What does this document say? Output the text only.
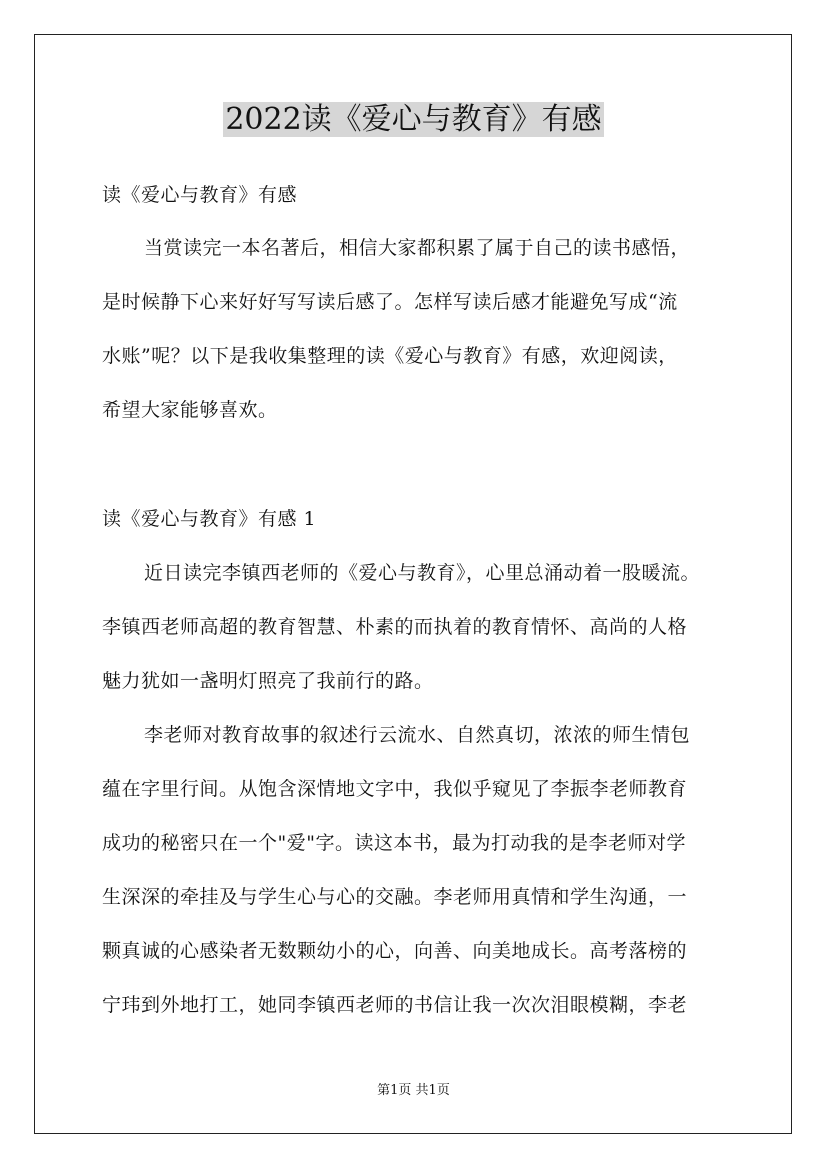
2022读《爱心与教育》有感

读《爱心与教育》有感

当赏读完一本名著后，相信大家都积累了属于自己的读书感悟，

是时候静下心来好好写写读后感了。怎样写读后感才能避免写成“流

水账”呢？以下是我收集整理的读《爱心与教育》有感，欢迎阅读，

希望大家能够喜欢。

读《爱心与教育》有感 1

近日读完李镇西老师的《爱心与教育》，心里总涌动着一股暖流。

李镇西老师高超的教育智慧、朴素的而执着的教育情怀、高尚的人格

魅力犹如一盏明灯照亮了我前行的路。

李老师对教育故事的叙述行云流水、自然真切，浓浓的师生情包

蕴在字里行间。从饱含深情地文字中，我似乎窥见了李振李老师教育

成功的秘密只在一个"爱"字。读这本书，最为打动我的是李老师对学

生深深的牵挂及与学生心与心的交融。李老师用真情和学生沟通，一

颗真诚的心感染者无数颗幼小的心，向善、向美地成长。高考落榜的

宁玮到外地打工，她同李镇西老师的书信让我一次次泪眼模糊，李老

第1页 共1页
